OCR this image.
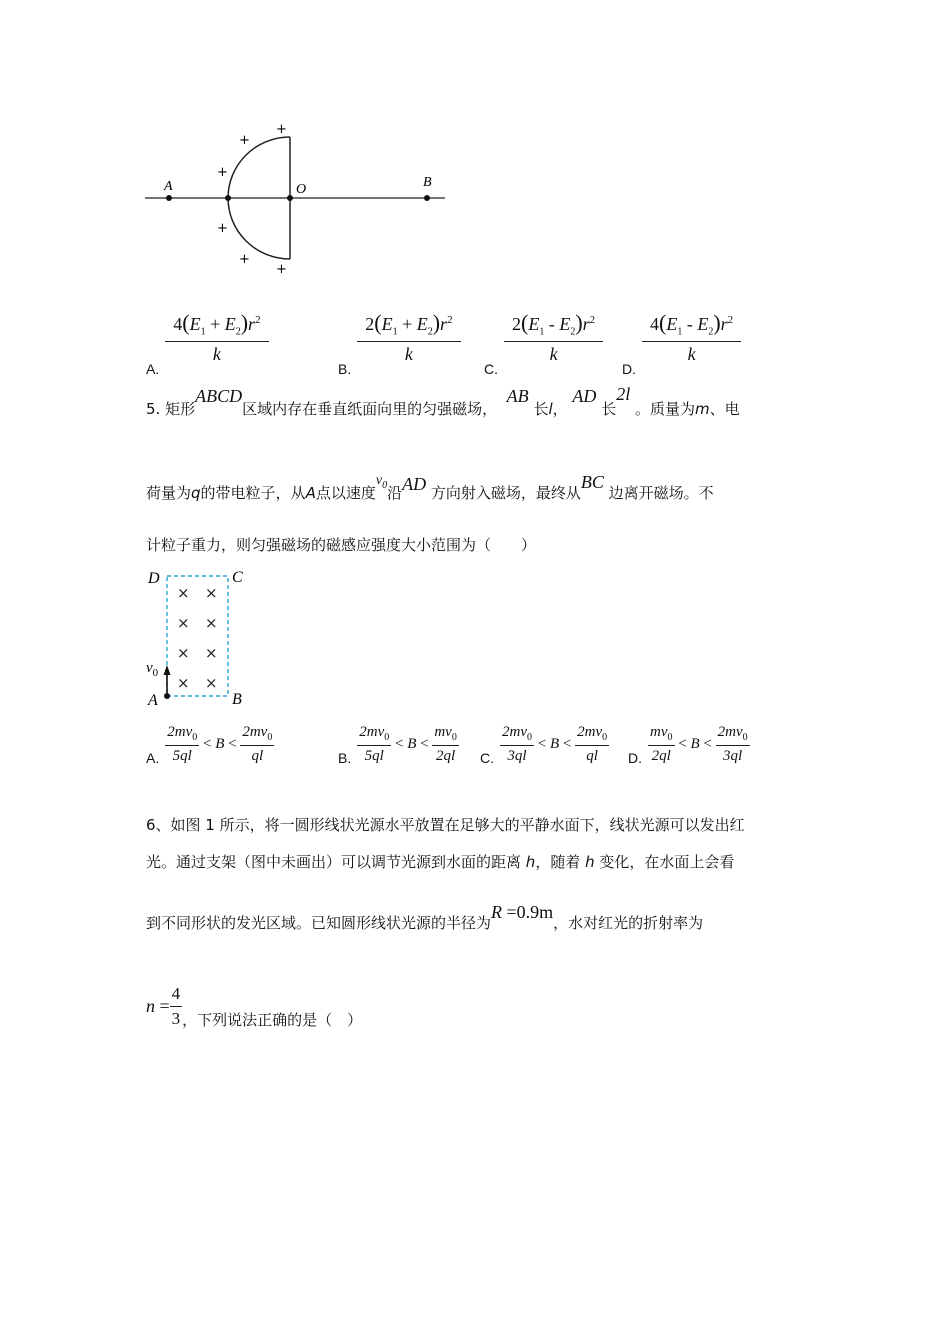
A	O	B
+
+
+
+
+
+
A.
$\frac{4(E_1 + E_2)r^2}{k}$
B.
$\frac{2(E_1 + E_2)r^2}{k}$
C.
$\frac{2(E_1 - E_2)r^2}{k}$
D.
$\frac{4(E_1 - E_2)r^2}{k}$
5. 矩形ABCD区域内存在垂直纸面向里的匀强磁场，  AB 长l， AD 长2l 。质量为m、电
荷量为q的带电粒子，从A点以速度$v_0$沿AD 方向射入磁场，最终从BC 边离开磁场。不
计粒子重力，则匀强磁场的磁感应强度大小范围为（　　）
× ×
× ×
× ×
× ×
D	C
A	B
$v_0$
A. $\frac{2mv_0}{5ql} < B < \frac{2mv_0}{ql}$	B. $\frac{2mv_0}{5ql} < B < \frac{mv_0}{2ql} C$. $\frac{2mv_0}{3ql} < B < \frac{2mv_0}{ql} D$. $\frac{mv_0}{2ql} < B < \frac{2mv_0}{3ql}$
6、如图 1 所示，将一圆形线状光源水平放置在足够大的平静水面下，线状光源可以发出红
光。通过支架（图中未画出）可以调节光源到水面的距离 h，随着 h 变化，在水面上会看
到不同形状的发光区域。已知圆形线状光源的半径为R =0.9m，水对红光的折射率为
$n = \frac{4}{3}$ ，下列说法正确的是（　）
